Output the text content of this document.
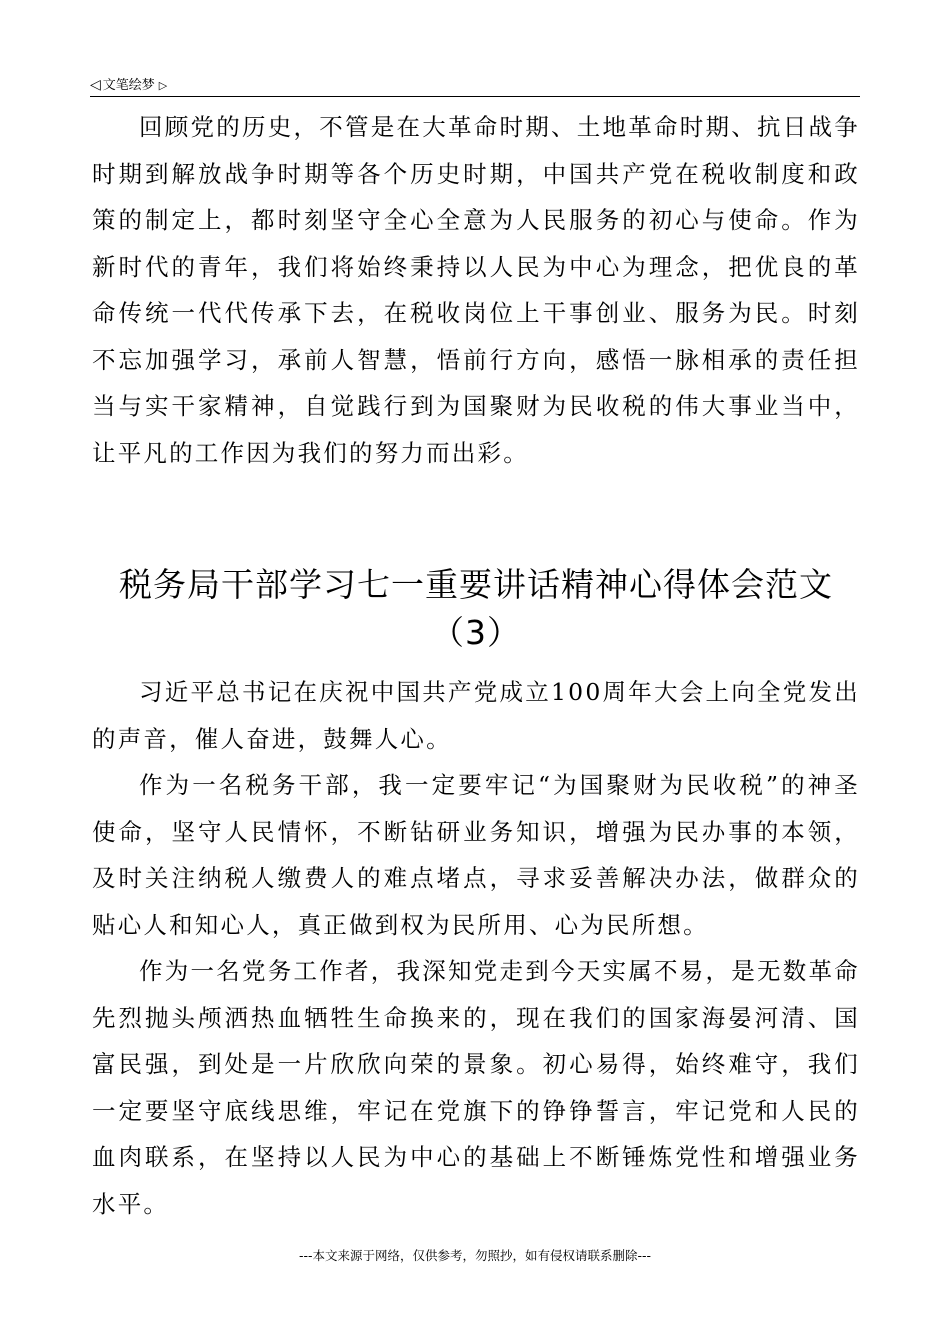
◁ 文笔绘梦 ▷

回顾党的历史，不管是在大革命时期、土地革命时期、抗日战争时期到解放战争时期等各个历史时期，中国共产党在税收制度和政策的制定上，都时刻坚守全心全意为人民服务的初心与使命。作为新时代的青年，我们将始终秉持以人民为中心为理念，把优良的革命传统一代代传承下去，在税收岗位上干事创业、服务为民。时刻不忘加强学习，承前人智慧，悟前行方向，感悟一脉相承的责任担当与实干家精神，自觉践行到为国聚财为民收税的伟大事业当中，让平凡的工作因为我们的努力而出彩。

税务局干部学习七一重要讲话精神心得体会范文
（3）

习近平总书记在庆祝中国共产党成立100周年大会上向全党发出的声音，催人奋进，鼓舞人心。

作为一名税务干部，我一定要牢记“为国聚财为民收税”的神圣使命，坚守人民情怀，不断钻研业务知识，增强为民办事的本领，及时关注纳税人缴费人的难点堵点，寻求妥善解决办法，做群众的贴心人和知心人，真正做到权为民所用、心为民所想。

作为一名党务工作者，我深知党走到今天实属不易，是无数革命先烈抛头颅洒热血牺牲生命换来的，现在我们的国家海晏河清、国富民强，到处是一片欣欣向荣的景象。初心易得，始终难守，我们一定要坚守底线思维，牢记在党旗下的铮铮誓言，牢记党和人民的血肉联系，在坚持以人民为中心的基础上不断锤炼党性和增强业务水平。

---本文来源于网络，仅供参考，勿照抄，如有侵权请联系删除---
